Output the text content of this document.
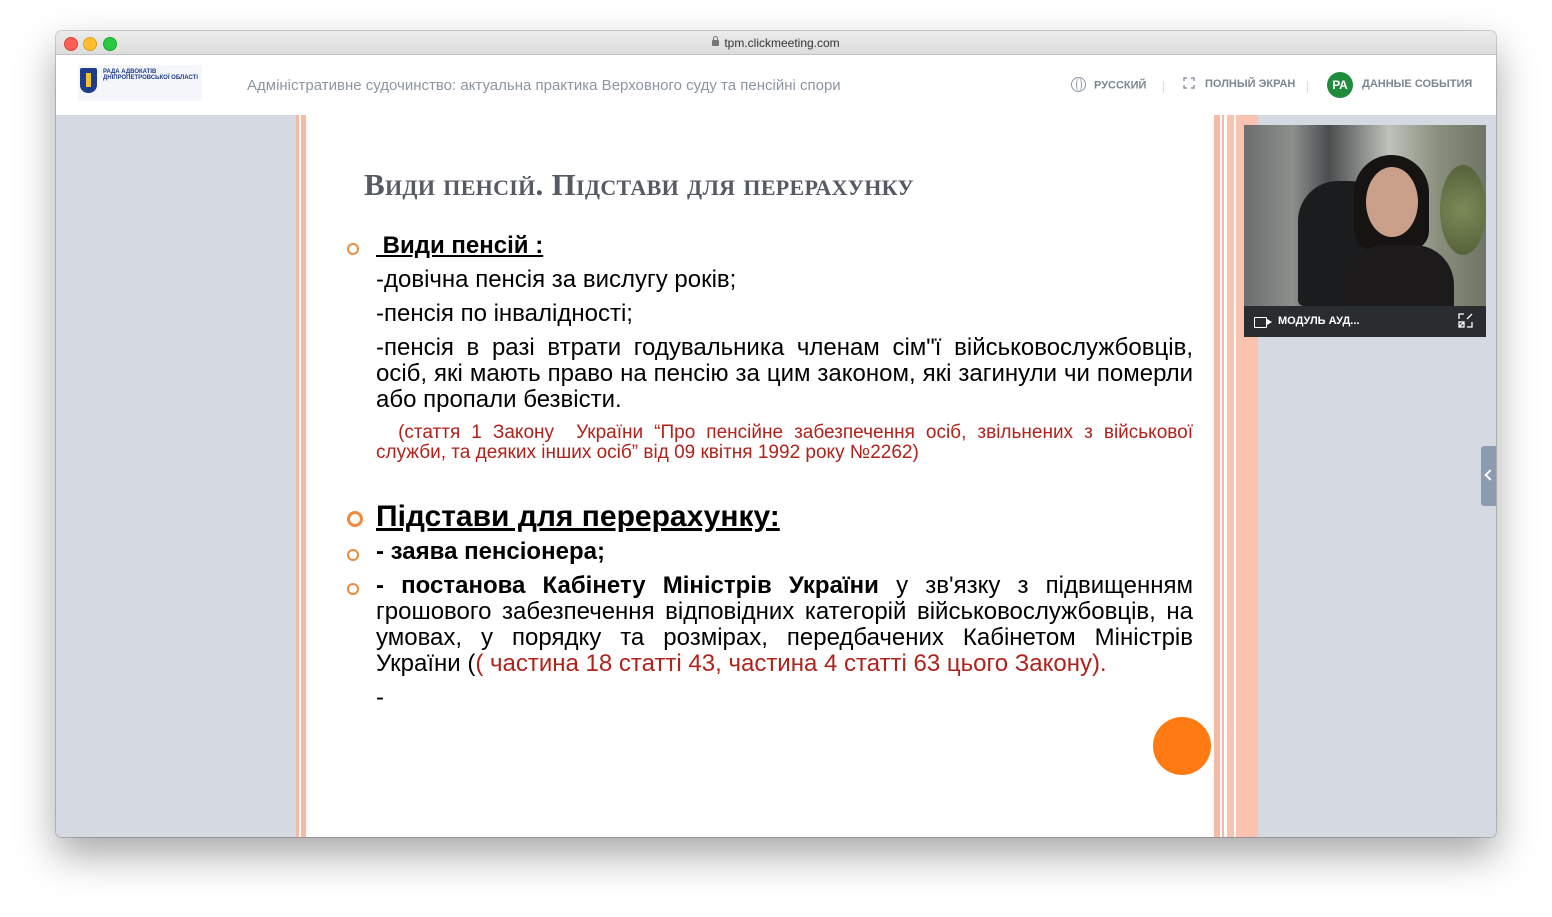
tpm.clickmeeting.com
РАДА АДВОКАТІВ ДНІПРОПЕТРОВСЬКОЇ ОБЛАСТІ	Адміністративне судочинство: актуальна практика Верховного суду та пенсійні спори	РУССКИЙ	ПОЛНЫЙ ЭКРАН	РА	ДАННЫЕ СОБЫТИЯ
Види пенсій. Підстави для перерахунку

Види пенсій :

-довічна пенсія за вислугу років;

-пенсія по інвалідності;

-пенсія в разі втрати годувальника членам сім"ї військовослужбовців, осіб, які мають право на пенсію за цим законом, які загинули чи померли або пропали безвісти.

(стаття 1 Закону  України “Про пенсійне забезпечення осіб, звільнених з військової служби, та деяких інших осіб” від 09 квітня 1992 року №2262)

Підстави для перерахунку:

- заява пенсіонера;

- постанова Кабінету Міністрів України у зв'язку з підвищенням грошового забезпечення відповідних категорій військовослужбовців, на умовах, у порядку та розмірах, передбачених Кабінетом Міністрів України (( частина 18 статті 43, частина 4 статті 63 цього Закону).

-

МОДУЛЬ АУД...
